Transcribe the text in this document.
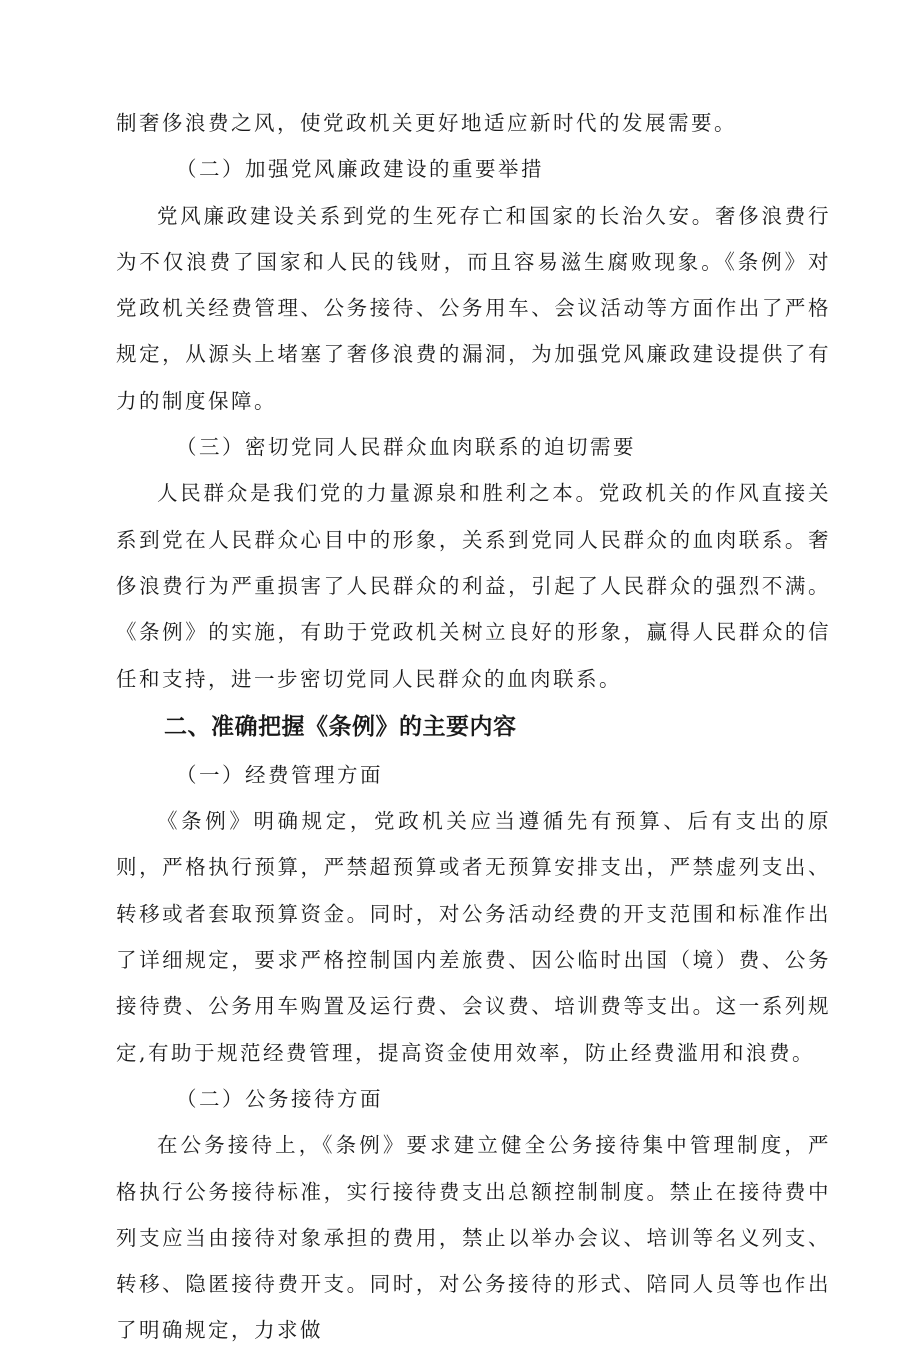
制奢侈浪费之风，使党政机关更好地适应新时代的发展需要。

（二）加强党风廉政建设的重要举措

党风廉政建设关系到党的生死存亡和国家的长治久安。奢侈浪费行为不仅浪费了国家和人民的钱财，而且容易滋生腐败现象。《条例》对党政机关经费管理、公务接待、公务用车、会议活动等方面作出了严格规定，从源头上堵塞了奢侈浪费的漏洞，为加强党风廉政建设提供了有力的制度保障。

（三）密切党同人民群众血肉联系的迫切需要

人民群众是我们党的力量源泉和胜利之本。党政机关的作风直接关系到党在人民群众心目中的形象，关系到党同人民群众的血肉联系。奢侈浪费行为严重损害了人民群众的利益，引起了人民群众的强烈不满。《条例》的实施，有助于党政机关树立良好的形象，赢得人民群众的信任和支持，进一步密切党同人民群众的血肉联系。

二、准确把握《条例》的主要内容

（一）经费管理方面

《条例》明确规定，党政机关应当遵循先有预算、后有支出的原则，严格执行预算，严禁超预算或者无预算安排支出，严禁虚列支出、转移或者套取预算资金。同时，对公务活动经费的开支范围和标准作出了详细规定，要求严格控制国内差旅费、因公临时出国（境）费、公务接待费、公务用车购置及运行费、会议费、培训费等支出。这一系列规定,有助于规范经费管理，提高资金使用效率，防止经费滥用和浪费。

（二）公务接待方面

在公务接待上，《条例》要求建立健全公务接待集中管理制度，严格执行公务接待标准，实行接待费支出总额控制制度。禁止在接待费中列支应当由接待对象承担的费用，禁止以举办会议、培训等名义列支、转移、隐匿接待费开支。同时，对公务接待的形式、陪同人员等也作出了明确规定，力求做
